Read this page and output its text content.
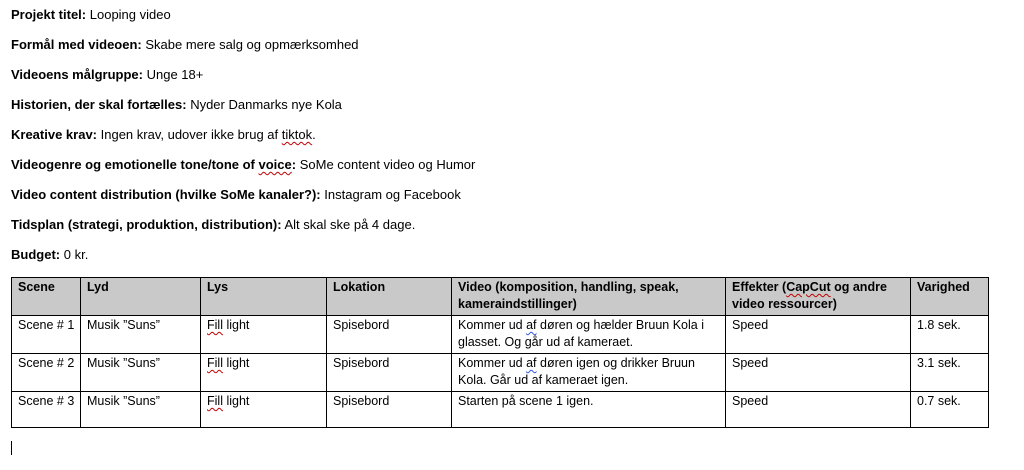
Projekt titel: Looping video
Formål med videoen: Skabe mere salg og opmærksomhed
Videoens målgruppe: Unge 18+
Historien, der skal fortælles: Nyder Danmarks nye Kola
Kreative krav: Ingen krav, udover ikke brug af tiktok.
Videogenre og emotionelle tone/tone of voice: SoMe content video og Humor
Video content distribution (hvilke SoMe kanaler?): Instagram og Facebook
Tidsplan (strategi, produktion, distribution): Alt skal ske på 4 dage.
Budget: 0 kr.
Scene	Lyd	Lys	Lokation	Video (komposition, handling, speak, kameraindstillinger)	Effekter (CapCut og andre video ressourcer)	Varighed
Scene # 1	Musik ”Suns”	Fill light	Spisebord	Kommer ud af døren og hælder Bruun Kola i glasset. Og går ud af kameraet.	Speed	1.8 sek.
Scene # 2	Musik ”Suns”	Fill light	Spisebord	Kommer ud af døren igen og drikker Bruun Kola. Går ud af kameraet igen.	Speed	3.1 sek.
Scene # 3	Musik ”Suns”	Fill light	Spisebord	Starten på scene 1 igen.	Speed	0.7 sek.
